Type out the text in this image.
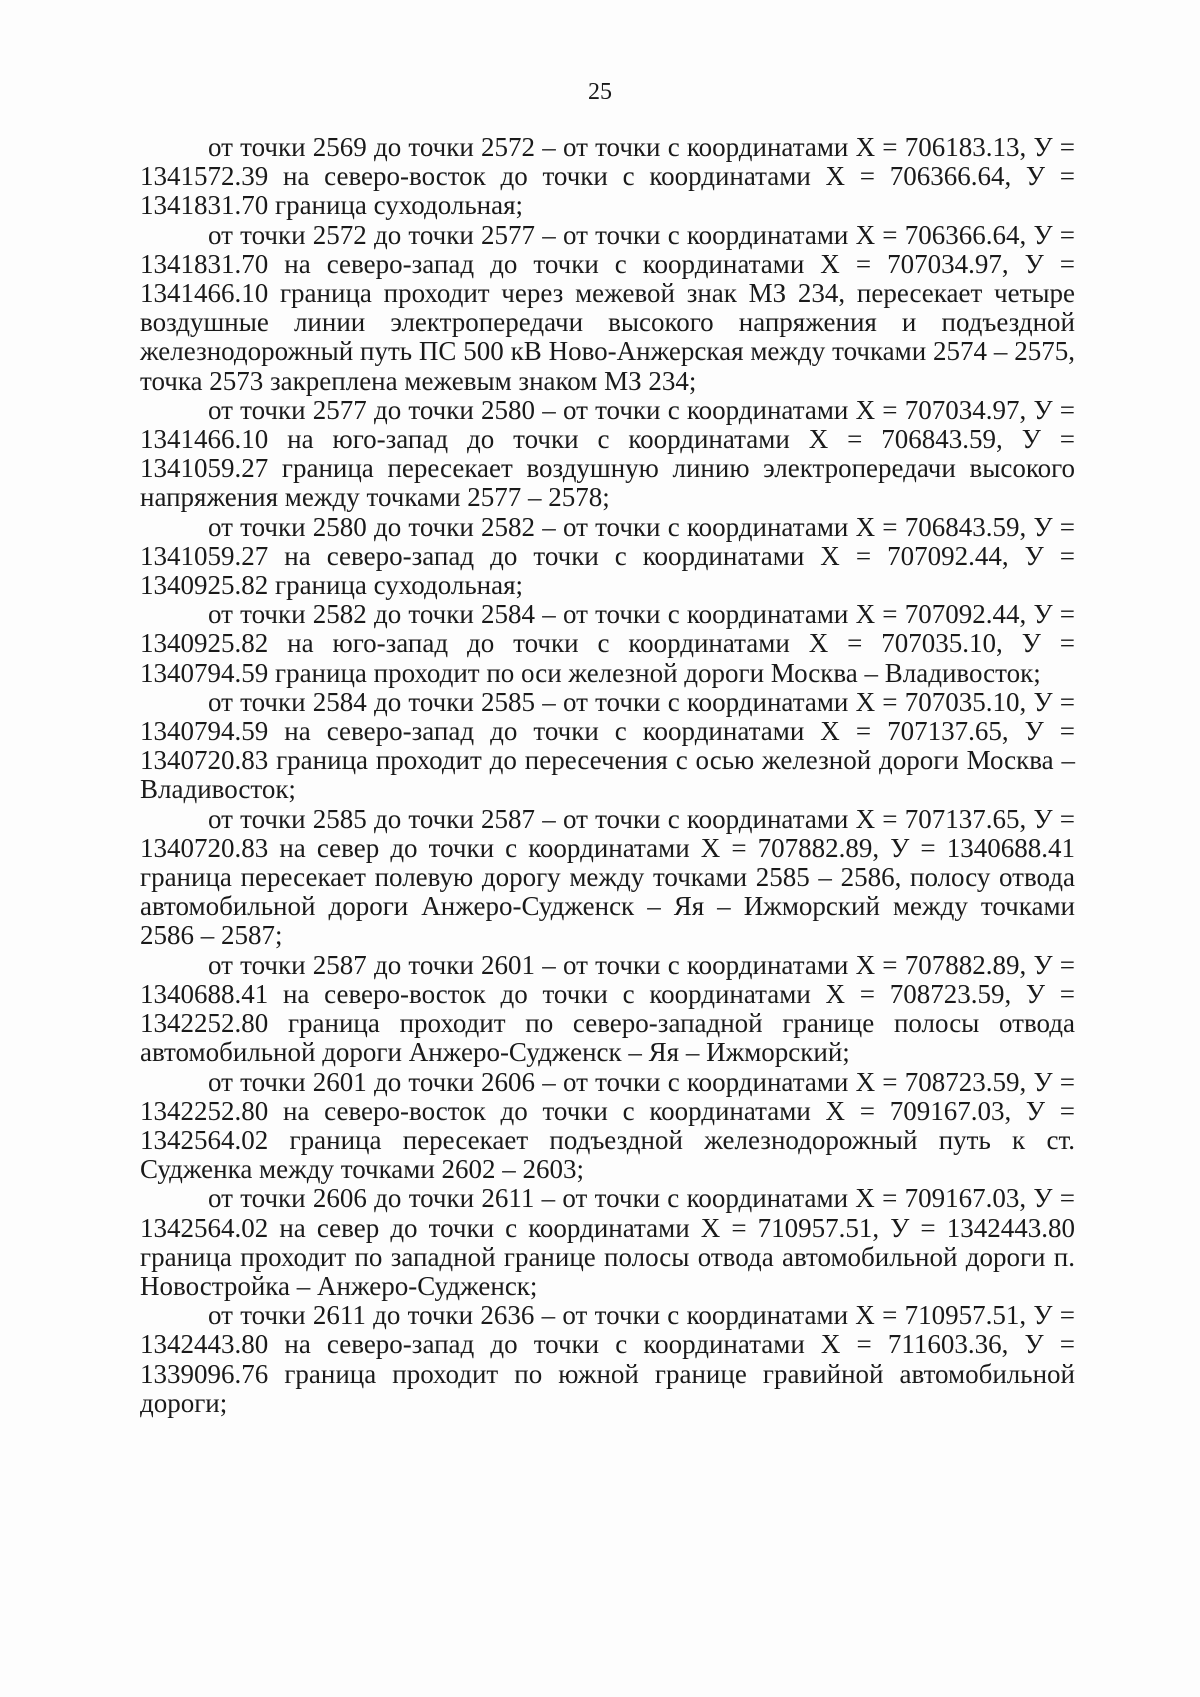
25

от точки 2569 до точки 2572 – от точки с координатами Х = 706183.13, У = 1341572.39 на северо-восток до точки с координатами Х = 706366.64, У = 1341831.70 граница суходольная;

от точки 2572 до точки 2577 – от точки с координатами Х = 706366.64, У = 1341831.70 на северо-запад до точки с координатами Х = 707034.97, У = 1341466.10 граница проходит через межевой знак МЗ 234, пересекает четыре воздушные линии электропередачи высокого напряжения и подъездной железнодорожный путь ПС 500 кВ Ново-Анжерская между точками 2574 – 2575, точка 2573 закреплена межевым знаком МЗ 234;

от точки 2577 до точки 2580 – от точки с координатами Х = 707034.97, У = 1341466.10 на юго-запад до точки с координатами Х = 706843.59, У = 1341059.27 граница пересекает воздушную линию электропередачи высокого напряжения между точками 2577 – 2578;

от точки 2580 до точки 2582 – от точки с координатами Х = 706843.59, У = 1341059.27 на северо-запад до точки с координатами Х = 707092.44, У = 1340925.82 граница суходольная;

от точки 2582 до точки 2584 – от точки с координатами Х = 707092.44, У = 1340925.82 на юго-запад до точки с координатами Х = 707035.10, У = 1340794.59 граница проходит по оси железной дороги Москва – Владивосток;

от точки 2584 до точки 2585 – от точки с координатами Х = 707035.10, У = 1340794.59 на северо-запад до точки с координатами Х = 707137.65, У = 1340720.83 граница проходит до пересечения с осью железной дороги Москва – Владивосток;

от точки 2585 до точки 2587 – от точки с координатами Х = 707137.65, У = 1340720.83 на север до точки с координатами Х = 707882.89, У = 1340688.41 граница пересекает полевую дорогу между точками 2585 – 2586, полосу отвода автомобильной дороги Анжеро-Судженск – Яя – Ижморский между точками 2586 – 2587;

от точки 2587 до точки 2601 – от точки с координатами Х = 707882.89, У = 1340688.41 на северо-восток до точки с координатами Х = 708723.59, У = 1342252.80 граница проходит по северо-западной границе полосы отвода автомобильной дороги Анжеро-Судженск – Яя – Ижморский;

от точки 2601 до точки 2606 – от точки с координатами Х = 708723.59, У = 1342252.80 на северо-восток до точки с координатами Х = 709167.03, У = 1342564.02 граница пересекает подъездной железнодорожный путь к ст. Судженка между точками 2602 – 2603;

от точки 2606 до точки 2611 – от точки с координатами Х = 709167.03, У = 1342564.02 на север до точки с координатами Х = 710957.51, У = 1342443.80 граница проходит по западной границе полосы отвода автомобильной дороги п. Новостройка – Анжеро-Судженск;

от точки 2611 до точки 2636 – от точки с координатами Х = 710957.51, У = 1342443.80 на северо-запад до точки с координатами Х = 711603.36, У = 1339096.76 граница проходит по южной границе гравийной автомобильной дороги;
